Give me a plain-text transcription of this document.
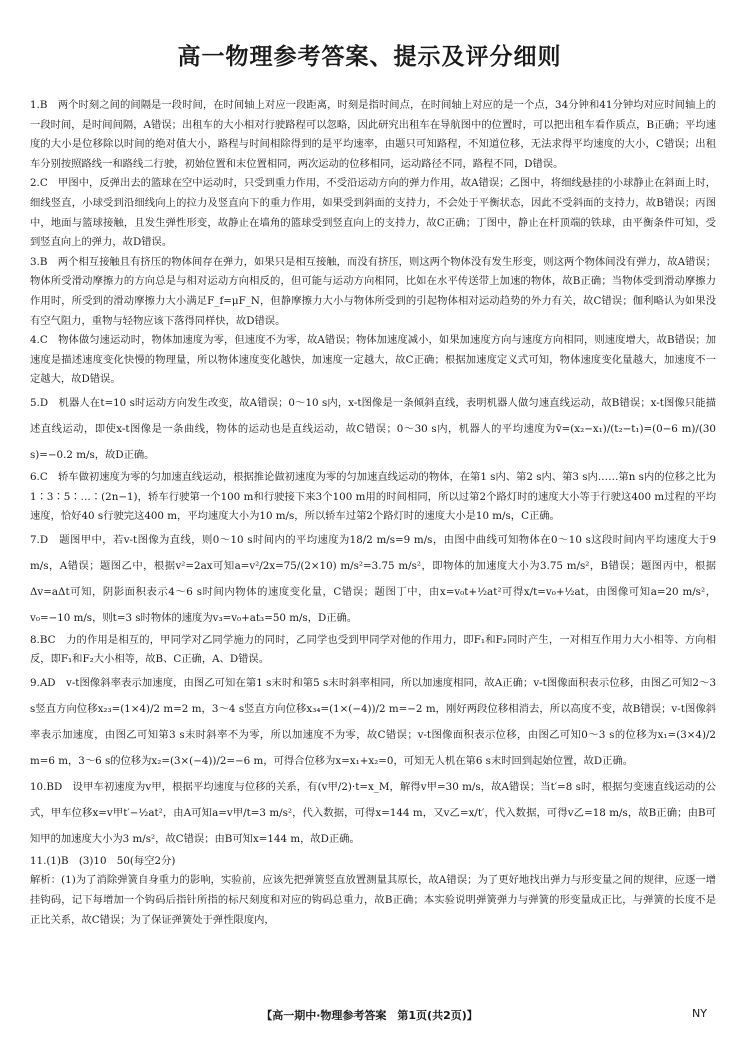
高一物理参考答案、提示及评分细则

1.B　两个时刻之间的间隔是一段时间，在时间轴上对应一段距离，时刻是指时间点，在时间轴上对应的是一个点，34分钟和41分钟均对应时间轴上的一段时间，是时间间隔，A错误；出租车的大小相对行驶路程可以忽略，因此研究出租车在导航图中的位置时，可以把出租车看作质点，B正确；平均速度的大小是位移除以时间的绝对值大小，路程与时间相除得到的是平均速率，由题只可知路程，不知道位移，无法求得平均速度的大小，C错误；出租车分别按照路线一和路线二行驶，初始位置和末位置相同，两次运动的位移相同，运动路径不同，路程不同，D错误。

2.C　甲图中，反弹出去的篮球在空中运动时，只受到重力作用，不受沿运动方向的弹力作用，故A错误；乙图中，将细线悬挂的小球静止在斜面上时，细线竖直，小球受到沿细线向上的拉力及竖直向下的重力作用，如果受到斜面的支持力，不会处于平衡状态，因此不受斜面的支持力，故B错误；丙图中，地面与篮球接触，且发生弹性形变，故静止在墙角的篮球受到竖直向上的支持力，故C正确；丁图中，静止在杆顶端的铁球，由平衡条件可知，受到竖直向上的弹力，故D错误。

3.B　两个相互接触且有挤压的物体间存在弹力，如果只是相互接触，而没有挤压，则这两个物体没有发生形变，则这两个物体间没有弹力，故A错误；物体所受滑动摩擦力的方向总是与相对运动方向相反的，但可能与运动方向相同，比如在水平传送带上加速的物体，故B正确；当物体受到滑动摩擦力作用时，所受到的滑动摩擦力大小满足F_f=μF_N，但静摩擦力大小与物体所受到的引起物体相对运动趋势的外力有关，故C错误；伽利略认为如果没有空气阻力，重物与轻物应该下落得同样快，故D错误。

4.C　物体做匀速运动时，物体加速度为零，但速度不为零，故A错误；物体加速度减小，如果加速度方向与速度方向相同，则速度增大，故B错误；加速度是描述速度变化快慢的物理量，所以物体速度变化越快，加速度一定越大，故C正确；根据加速度定义式可知，物体速度变化量越大，加速度不一定越大，故D错误。

5.D　机器人在t=10 s时运动方向发生改变，故A错误；0～10 s内，x-t图像是一条倾斜直线，表明机器人做匀速直线运动，故B错误；x-t图像只能描述直线运动，即使x-t图像是一条曲线，物体的运动也是直线运动，故C错误；0～30 s内，机器人的平均速度为v̄=(x₂−x₁)/(t₂−t₁)=(0−6 m)/(30 s)=−0.2 m/s，故D正确。

6.C　轿车做初速度为零的匀加速直线运动，根据推论做初速度为零的匀加速直线运动的物体，在第1 s内、第2 s内、第3 s内……第n s内的位移之比为1∶3∶5∶…∶(2n−1)，轿车行驶第一个100 m和行驶接下来3个100 m用的时间相同，所以过第2个路灯时的速度大小等于行驶这400 m过程的平均速度，恰好40 s行驶完这400 m，平均速度大小为10 m/s，所以轿车过第2个路灯时的速度大小是10 m/s，C正确。

7.D　题图甲中，若v-t图像为直线，则0～10 s时间内的平均速度为18/2 m/s=9 m/s，由图中曲线可知物体在0～10 s这段时间内平均速度大于9 m/s，A错误；题图乙中，根据v²=2ax可知a=v²/2x=75/(2×10) m/s²=3.75 m/s²，即物体的加速度大小为3.75 m/s²，B错误；题图丙中，根据Δv=aΔt可知，阴影面积表示4～6 s时间内物体的速度变化量，C错误；题图丁中，由x=v₀t+½at²可得x/t=v₀+½at，由图像可知a=20 m/s²，v₀=−10 m/s，则t=3 s时物体的速度为v₃=v₀+at₃=50 m/s，D正确。

8.BC　力的作用是相互的，甲同学对乙同学施力的同时，乙同学也受到甲同学对他的作用力，即F₁和F₂同时产生，一对相互作用力大小相等、方向相反，即F₁和F₂大小相等，故B、C正确，A、D错误。

9.AD　v-t图像斜率表示加速度，由图乙可知在第1 s末时和第5 s末时斜率相同，所以加速度相同，故A正确；v-t图像面积表示位移，由图乙可知2～3 s竖直方向位移x₂₃=(1×4)/2 m=2 m，3～4 s竖直方向位移x₃₄=(1×(−4))/2 m=−2 m，刚好两段位移相消去，所以高度不变，故B错误；v-t图像斜率表示加速度，由图乙可知第3 s末时斜率不为零，所以加速度不为零，故C错误；v-t图像面积表示位移，由图乙可知0～3 s的位移为x₁=(3×4)/2 m=6 m，3～6 s的位移为x₂=(3×(−4))/2=−6 m，可得合位移为x=x₁+x₂=0，可知无人机在第6 s末时回到起始位置，故D正确。

10.BD　设甲车初速度为v甲，根据平均速度与位移的关系，有(v甲/2)·t=x_M，解得v甲=30 m/s，故A错误；当t′=8 s时，根据匀变速直线运动的公式，甲车位移x=v甲t′−½at²，由A可知a=v甲/t=3 m/s²，代入数据，可得x=144 m，又v乙=x/t′，代入数据，可得v乙=18 m/s，故B正确；由B可知甲的加速度大小为3 m/s²，故C错误；由B可知x=144 m，故D正确。

11.(1)B　(3)10　50(每空2分)

解析：(1)为了消除弹簧自身重力的影响，实验前，应该先把弹簧竖直放置测量其原长，故A错误；为了更好地找出弹力与形变量之间的规律，应逐一增挂钩码，记下每增加一个钩码后指针所指的标尺刻度和对应的钩码总重力，故B正确；本实验说明弹簧弹力与弹簧的形变量成正比，与弹簧的长度不是正比关系，故C错误；为了保证弹簧处于弹性限度内，

【高一期中·物理参考答案　第1页(共2页)】	NY
